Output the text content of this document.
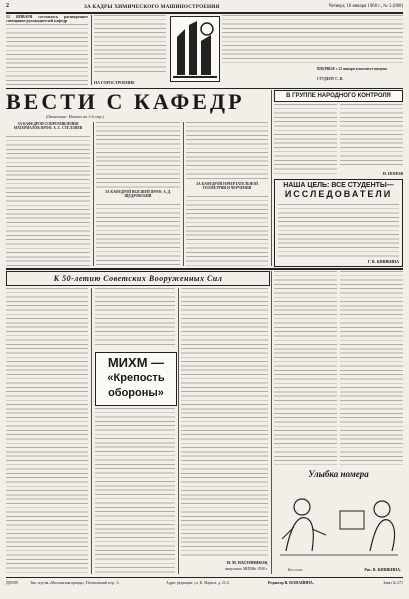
2	ЗА КАДРЫ ХИМИЧЕСКОГО МАШИНОСТРОЕНИЯ	Четверг, 18 января 1968 г., № 3 (888)
12 ЯНВАРЯ состоялось расширенное совещание руководителей кафедр
НА ГОРОСТРОЕНИЕ
ВПЕРВЫЕ с 12 января в институт введена
СТУДЕНТ С. В.
ВЕСТИ С КАФЕДР
(Окончание. Начало на 1-й стр.)
ЗА КАФЕДРОЙ СОПРОТИВЛЕНИЯ МАТЕРИАЛОВ ПРОФ. А. С. СТЕЛЛИЕВ
ЗА КАФЕДРОЙ ВЫСШЕЙ ПРОФ. А. Д. ЩЕДРОВСКИЙ
ЗА КАФЕДРОЙ НАЧЕРТАТЕЛЬНОЙ ГЕОМЕТРИИ И ЧЕРЧЕНИЯ
В ГРУППЕ НАРОДНОГО КОНТРОЛЯ
Н. ПОПОВ
НАША ЦЕЛЬ: ВСЕ СТУДЕНТЫ—
ИССЛЕДОВАТЕЛИ
Г. В. КИШКИНА
К 50-летию Советских Вооруженных Сил
МИХМ —
«Крепость
обороны»
И. М. НАСЕННИКОВ,
выпускник МИХМа 1938 г.
Улыбка номера
Без слов.	Рис. В. КИШКИНА.
Д05599	Тип. изд-ва «Московская правда», Потаповский пер., 3.	Адрес редакции: ул. К. Маркса, д. 21/4.	Редактор В. ЮЗНАЙИНА.	Заказ № 271
